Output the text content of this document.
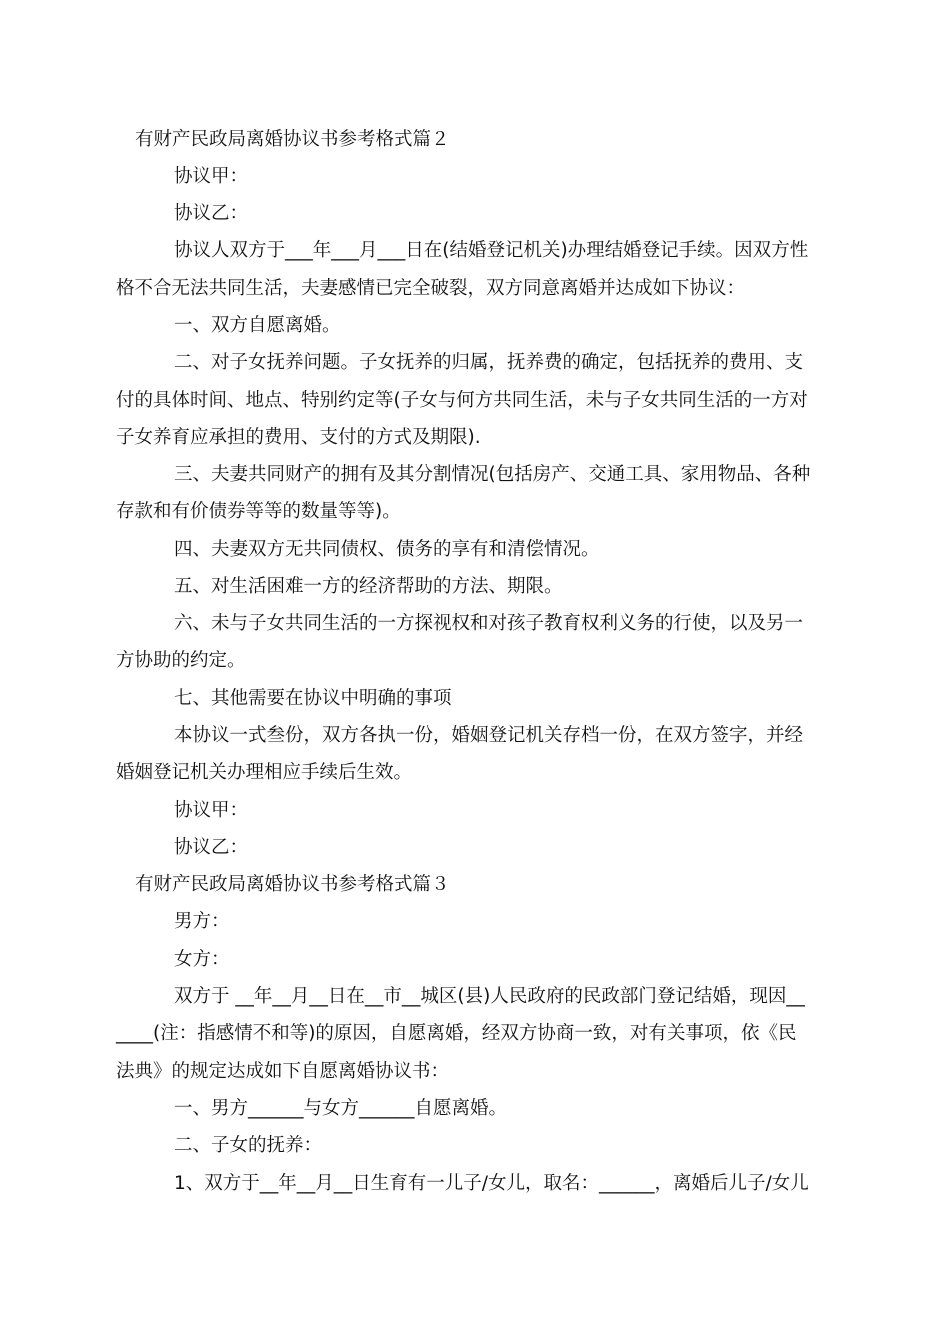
有财产民政局离婚协议书参考格式篇２
协议甲：
协议乙：
协议人双方于___年___月___日在(结婚登记机关)办理结婚登记手续。因双方性
格不合无法共同生活，夫妻感情已完全破裂，双方同意离婚并达成如下协议：
一、双方自愿离婚。
二、对子女抚养问题。子女抚养的归属，抚养费的确定，包括抚养的费用、支
付的具体时间、地点、特别约定等(子女与何方共同生活，未与子女共同生活的一方对
子女养育应承担的费用、支付的方式及期限).
三、夫妻共同财产的拥有及其分割情况(包括房产、交通工具、家用物品、各种
存款和有价债券等等的数量等等)。
四、夫妻双方无共同债权、债务的享有和清偿情况。
五、对生活困难一方的经济帮助的方法、期限。
六、未与子女共同生活的一方探视权和对孩子教育权利义务的行使，以及另一
方协助的约定。
七、其他需要在协议中明确的事项
本协议一式叁份，双方各执一份，婚姻登记机关存档一份，在双方签字，并经
婚姻登记机关办理相应手续后生效。
协议甲：
协议乙：
有财产民政局离婚协议书参考格式篇３
男方：
女方：
双方于 __年__月__日在__市__城区(县)人民政府的民政部门登记结婚，现因__
____(注：指感情不和等)的原因，自愿离婚，经双方协商一致，对有关事项，依《民
法典》的规定达成如下自愿离婚协议书：
一、男方______与女方______自愿离婚。
二、子女的抚养：
1、双方于__年__月__日生育有一儿子/女儿，取名：______，离婚后儿子/女儿
